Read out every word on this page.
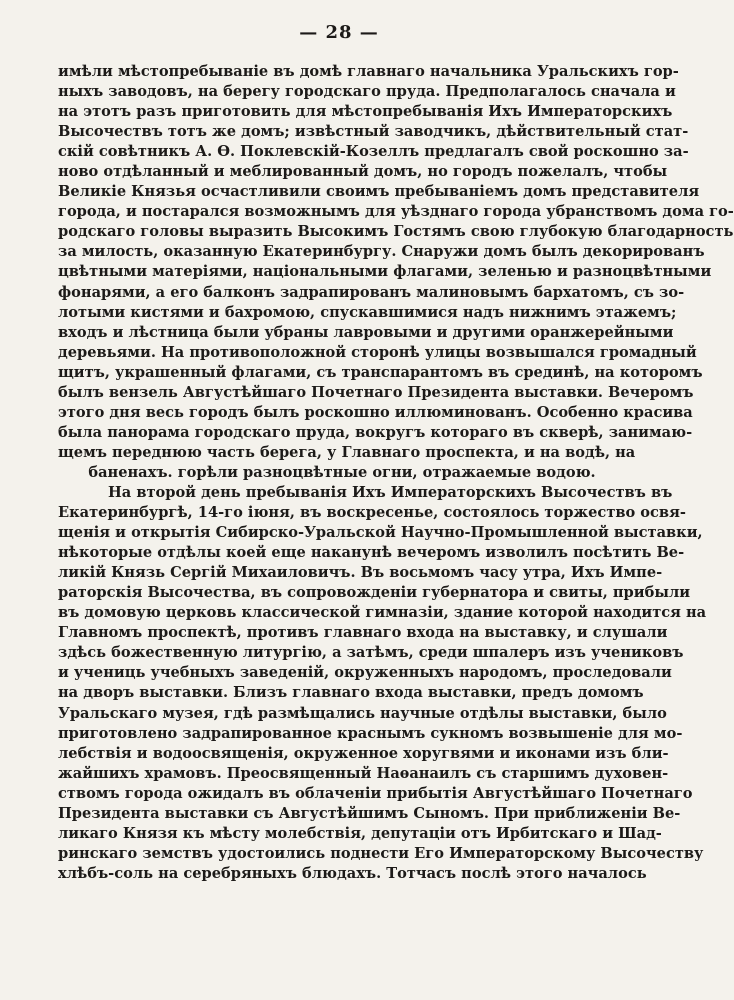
— 28 —
имѣли мѣстопребываніе въ домѣ главнаго начальника Уральскихъ гор-
ныхъ заводовъ, на берегу городскаго пруда. Предполагалось сначала и
на этотъ разъ приготовить для мѣстопребыванія Ихъ Императорскихъ
Высочествъ тотъ же домъ; извѣстный заводчикъ, дѣйствительный стат-
скій совѣтникъ А. Ѳ. Поклевскій-Козеллъ предлагалъ свой роскошно за-
ново отдѣланный и меблированный домъ, но городъ пожелалъ, чтобы
Великіе Князья осчастливили своимъ пребываніемъ домъ представителя
города, и постарался возможнымъ для уѣзднаго города убранствомъ дома го-
родскаго головы выразить Высокимъ Гостямъ свою глубокую благодарность
за милость, оказанную Екатеринбургу. Снаружи домъ былъ декорированъ
цвѣтными матеріями, національными флагами, зеленью и разноцвѣтными
фонарями, а его балконъ задрапированъ малиновымъ бархатомъ, съ зо-
лотыми кистями и бахромою, спускавшимися надъ нижнимъ этажемъ;
входъ и лѣстница были убраны лавровыми и другими оранжерейными
деревьями. На противоположной сторонѣ улицы возвышался громадный
щитъ, украшенный флагами, съ транспарантомъ въ срединѣ, на которомъ
былъ вензель Августѣйшаго Почетнаго Президента выставки. Вечеромъ
этого дня весь городъ былъ роскошно иллюминованъ. Особенно красива
была панорама городскаго пруда, вокругъ котораго въ скверѣ, занимаю-
щемъ переднюю часть берега, у Главнаго проспекта, и на водѣ, на
баненахъ. горѣли разноцвѣтные огни, отражаемые водою.
На второй день пребыванія Ихъ Императорскихъ Высочествъ въ
Екатеринбургѣ, 14-го іюня, въ воскресенье, состоялось торжество освя-
щенія и открытія Сибирско-Уральской Научно-Промышленной выставки,
нѣкоторые отдѣлы коей еще наканунѣ вечеромъ изволилъ посѣтить Ве-
ликій Князь Сергій Михаиловичъ. Въ восьмомъ часу утра, Ихъ Импе-
раторскія Высочества, въ сопровожденіи губернатора и свиты, прибыли
въ домовую церковь классической гимназіи, здание которой находится на
Главномъ проспектѣ, противъ главнаго входа на выставку, и слушали
здѣсь божественную литургію, а затѣмъ, среди шпалеръ изъ учениковъ
и учениць учебныхъ заведеній, окруженныхъ народомъ, проследовали
на дворъ выставки. Близъ главнаго входа выставки, предъ домомъ
Уральскаго музея, гдѣ размѣщались научные отдѣлы выставки, было
приготовлено задрапированное краснымъ сукномъ возвышеніе для мо-
лебствія и водоосвященія, окруженное хоругвями и иконами изъ бли-
жайшихъ храмовъ. Преосвященный Наѳанаилъ съ старшимъ духовен-
ствомъ города ожидалъ въ облаченіи прибытія Августѣйшаго Почетнаго
Президента выставки съ Августѣйшимъ Сыномъ. При приближеніи Ве-
ликаго Князя къ мѣсту молебствія, депутаціи отъ Ирбитскаго и Шад-
ринскаго земствъ удостоились поднести Его Императорскому Высочеству
хлѣбъ-соль на серебряныхъ блюдахъ. Тотчасъ послѣ этого началось
